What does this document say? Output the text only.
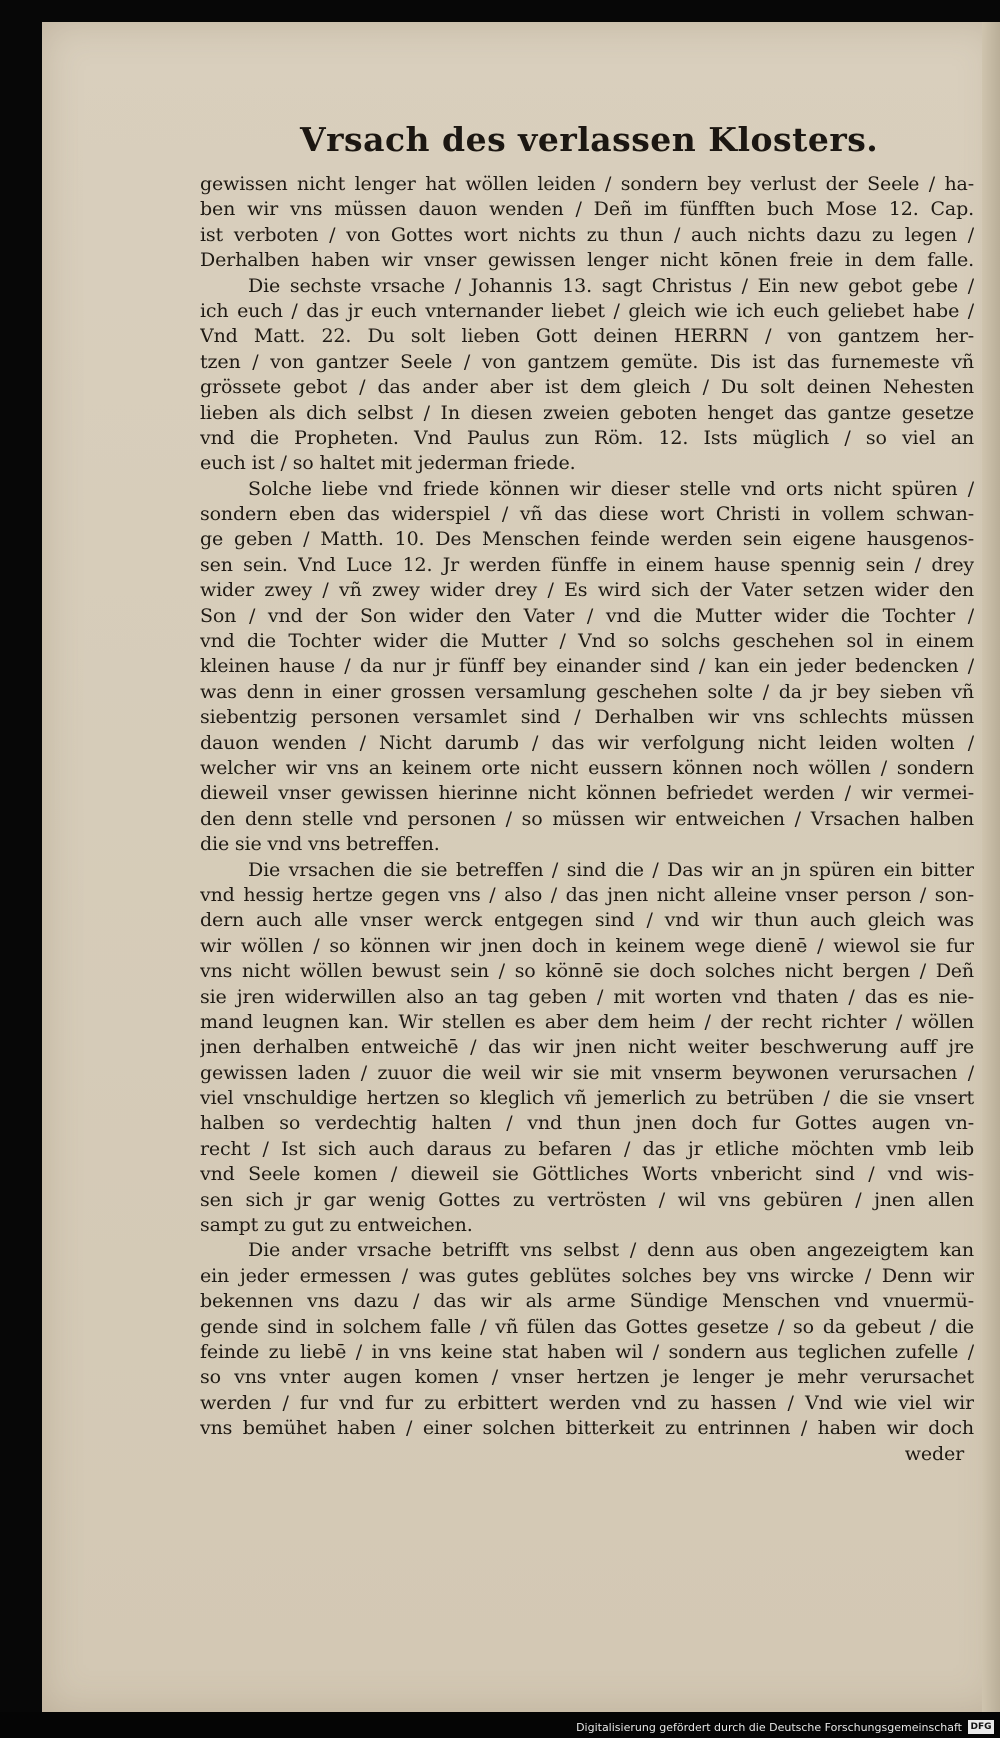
Vrsach des verlassen Klosters.
gewissen nicht lenger hat wöllen leiden / sondern bey verlust der Seele / ha-
ben wir vns müssen dauon wenden / Deñ im fünfften buch Mose 12. Cap.
ist verboten / von Gottes wort nichts zu thun / auch nichts dazu zu legen /
Derhalben haben wir vnser gewissen lenger nicht kōnen freie in dem falle.
Die sechste vrsache / Johannis 13. sagt Christus / Ein new gebot gebe /
ich euch / das jr euch vnternander liebet / gleich wie ich euch geliebet habe /
Vnd Matt. 22. Du solt lieben Gott deinen HERRN / von gantzem her-
tzen / von gantzer Seele / von gantzem gemüte. Dis ist das furnemeste vñ
grössete gebot / das ander aber ist dem gleich / Du solt deinen Nehesten
lieben als dich selbst / In diesen zweien geboten henget das gantze gesetze
vnd die Propheten. Vnd Paulus zun Röm. 12. Ists müglich / so viel an
euch ist / so haltet mit jederman friede.
Solche liebe vnd friede können wir dieser stelle vnd orts nicht spüren /
sondern eben das widerspiel / vñ das diese wort Christi in vollem schwan-
ge geben / Matth. 10. Des Menschen feinde werden sein eigene hausgenos-
sen sein. Vnd Luce 12. Jr werden fünffe in einem hause spennig sein / drey
wider zwey / vñ zwey wider drey / Es wird sich der Vater setzen wider den
Son / vnd der Son wider den Vater / vnd die Mutter wider die Tochter /
vnd die Tochter wider die Mutter / Vnd so solchs geschehen sol in einem
kleinen hause / da nur jr fünff bey einander sind / kan ein jeder bedencken /
was denn in einer grossen versamlung geschehen solte / da jr bey sieben vñ
siebentzig personen versamlet sind / Derhalben wir vns schlechts müssen
dauon wenden / Nicht darumb / das wir verfolgung nicht leiden wolten /
welcher wir vns an keinem orte nicht eussern können noch wöllen / sondern
dieweil vnser gewissen hierinne nicht können befriedet werden / wir vermei-
den denn stelle vnd personen / so müssen wir entweichen / Vrsachen halben
die sie vnd vns betreffen.
Die vrsachen die sie betreffen / sind die / Das wir an jn spüren ein bitter
vnd hessig hertze gegen vns / also / das jnen nicht alleine vnser person / son-
dern auch alle vnser werck entgegen sind / vnd wir thun auch gleich was
wir wöllen / so können wir jnen doch in keinem wege dienē / wiewol sie fur
vns nicht wöllen bewust sein / so könnē sie doch solches nicht bergen / Deñ
sie jren widerwillen also an tag geben / mit worten vnd thaten / das es nie-
mand leugnen kan. Wir stellen es aber dem heim / der recht richter / wöllen
jnen derhalben entweichē / das wir jnen nicht weiter beschwerung auff jre
gewissen laden / zuuor die weil wir sie mit vnserm beywonen verursachen /
viel vnschuldige hertzen so kleglich vñ jemerlich zu betrüben / die sie vnsert
halben so verdechtig halten / vnd thun jnen doch fur Gottes augen vn-
recht / Ist sich auch daraus zu befaren / das jr etliche möchten vmb leib
vnd Seele komen / dieweil sie Göttliches Worts vnbericht sind / vnd wis-
sen sich jr gar wenig Gottes zu vertrösten / wil vns gebüren / jnen allen
sampt zu gut zu entweichen.
Die ander vrsache betrifft vns selbst / denn aus oben angezeigtem kan
ein jeder ermessen / was gutes geblütes solches bey vns wircke / Denn wir
bekennen vns dazu / das wir als arme Sündige Menschen vnd vnuermü-
gende sind in solchem falle / vñ fülen das Gottes gesetze / so da gebeut / die
feinde zu liebē / in vns keine stat haben wil / sondern aus teglichen zufelle /
so vns vnter augen komen / vnser hertzen je lenger je mehr verursachet
werden / fur vnd fur zu erbittert werden vnd zu hassen / Vnd wie viel wir
vns bemühet haben / einer solchen bitterkeit zu entrinnen / haben wir doch
weder
Digitalisierung gefördert durch die Deutsche Forschungsgemeinschaft DFG
